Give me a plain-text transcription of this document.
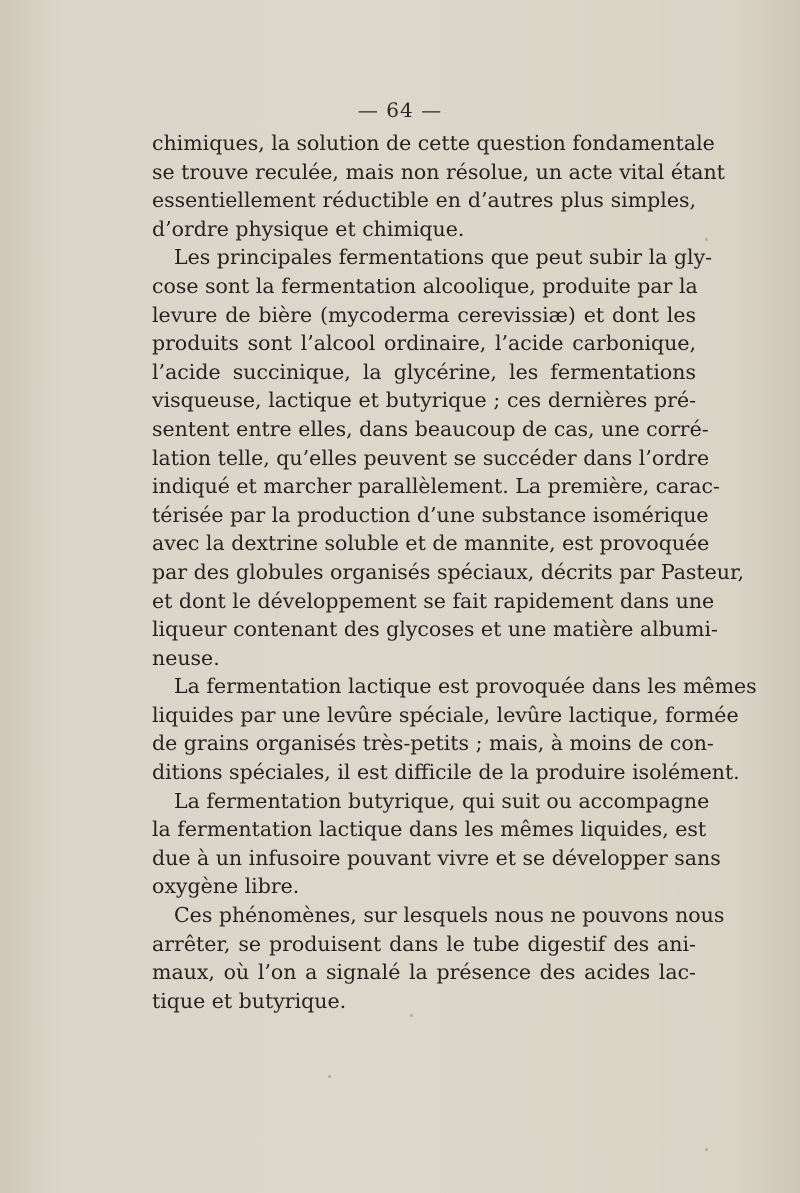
— 64 —

chimiques, la solution de cette question fondamentale
se trouve reculée, mais non résolue, un acte vital étant
essentiellement réductible en d’autres plus simples,
d’ordre physique et chimique.

Les principales fermentations que peut subir la gly-
cose sont la fermentation alcoolique, produite par la
levure de bière (mycoderma cerevissiæ) et dont les
produits sont l’alcool ordinaire, l’acide carbonique,
l’acide succinique, la glycérine, les fermentations
visqueuse, lactique et butyrique ; ces dernières pré-
sentent entre elles, dans beaucoup de cas, une corré-
lation telle, qu’elles peuvent se succéder dans l’ordre
indiqué et marcher parallèlement. La première, carac-
térisée par la production d’une substance isomérique
avec la dextrine soluble et de mannite, est provoquée
par des globules organisés spéciaux, décrits par Pasteur,
et dont le développement se fait rapidement dans une
liqueur contenant des glycoses et une matière albumi-
neuse.

La fermentation lactique est provoquée dans les mêmes
liquides par une levûre spéciale, levûre lactique, formée
de grains organisés très-petits ; mais, à moins de con-
ditions spéciales, il est difficile de la produire isolément.

La fermentation butyrique, qui suit ou accompagne
la fermentation lactique dans les mêmes liquides, est
due à un infusoire pouvant vivre et se développer sans
oxygène libre.

Ces phénomènes, sur lesquels nous ne pouvons nous
arrêter, se produisent dans le tube digestif des ani-
maux, où l’on a signalé la présence des acides lac-
tique et butyrique.
